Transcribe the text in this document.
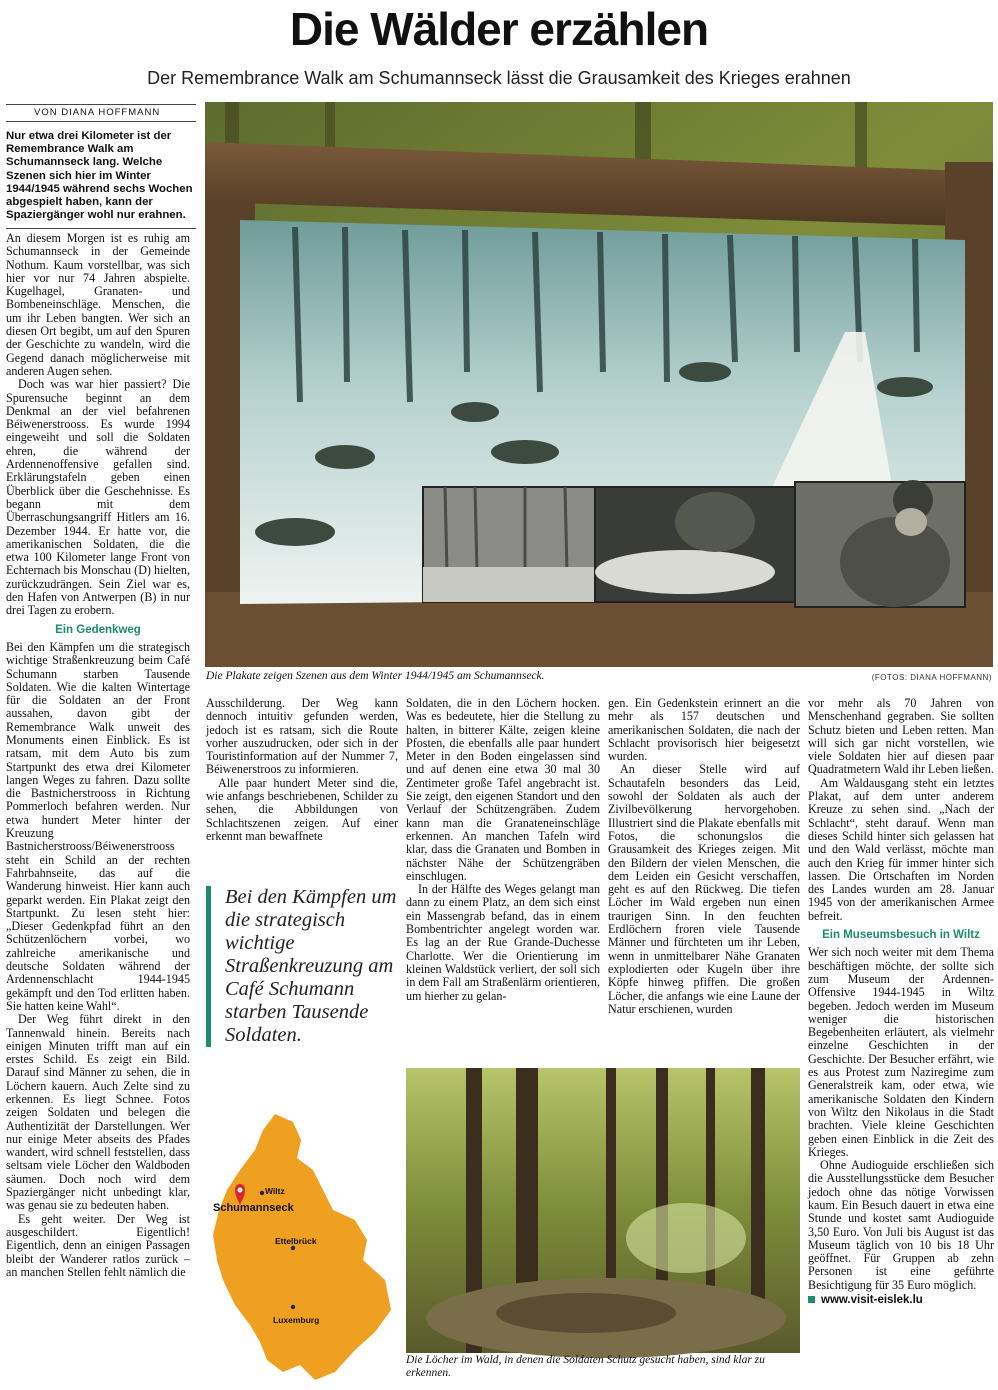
Die Wälder erzählen
Der Remembrance Walk am Schumannseck lässt die Grausamkeit des Krieges erahnen
VON DIANA HOFFMANN
Nur etwa drei Kilometer ist der Remembrance Walk am Schumannseck lang. Welche Szenen sich hier im Winter 1944/1945 während sechs Wochen abgespielt haben, kann der Spaziergänger wohl nur erahnen.

An diesem Morgen ist es ruhig am Schumannseck in der Gemeinde Nothum. Kaum vorstellbar, was sich hier vor nur 74 Jahren abspielte. Kugelhagel, Granaten- und Bombeneinschläge. Menschen, die um ihr Leben bangten. Wer sich an diesen Ort begibt, um auf den Spuren der Geschichte zu wandeln, wird die Gegend danach möglicherweise mit anderen Augen sehen.

Doch was war hier passiert? Die Spurensuche beginnt an dem Denkmal an der viel befahrenen Béiwenerstrooss. Es wurde 1994 eingeweiht und soll die Soldaten ehren, die während der Ardennenoffensive gefallen sind. Erklärungstafeln geben einen Überblick über die Geschehnisse. Es begann mit dem Überraschungsangriff Hitlers am 16. Dezember 1944. Er hatte vor, die amerikanischen Soldaten, die die etwa 100 Kilometer lange Front von Echternach bis Monschau (D) hielten, zurückzudrängen. Sein Ziel war es, den Hafen von Antwerpen (B) in nur drei Tagen zu erobern.

Ein Gedenkweg

Bei den Kämpfen um die strategisch wichtige Straßenkreuzung beim Café Schumann starben Tausende Soldaten. Wie die kalten Wintertage für die Soldaten an der Front aussahen, davon gibt der Remembrance Walk unweit des Monuments einen Einblick. Es ist ratsam, mit dem Auto bis zum Startpunkt des etwa drei Kilometer langen Weges zu fahren. Dazu sollte die Bastnicherstrooss in Richtung Pommerloch befahren werden. Nur etwa hundert Meter hinter der Kreuzung Bastnicherstrooss/Béiwenerstrooss steht ein Schild an der rechten Fahrbahnseite, das auf die Wanderung hinweist. Hier kann auch geparkt werden. Ein Plakat zeigt den Startpunkt. Zu lesen steht hier: „Dieser Gedenkpfad führt an den Schützenlöchern vorbei, wo zahlreiche amerikanische und deutsche Soldaten während der Ardennenschlacht 1944-1945 gekämpft und den Tod erlitten haben. Sie hatten keine Wahl“.

Der Weg führt direkt in den Tannenwald hinein. Bereits nach einigen Minuten trifft man auf ein erstes Schild. Es zeigt ein Bild. Darauf sind Männer zu sehen, die in Löchern kauern. Auch Zelte sind zu erkennen. Es liegt Schnee. Fotos zeigen Soldaten und belegen die Authentizität der Darstellungen. Wer nur einige Meter abseits des Pfades wandert, wird schnell feststellen, dass seltsam viele Löcher den Waldboden säumen. Doch noch wird dem Spaziergänger nicht unbedingt klar, was genau sie zu bedeuten haben.

Es geht weiter. Der Weg ist ausgeschildert. Eigentlich! Eigentlich, denn an einigen Passagen bleibt der Wanderer ratlos zurück – an manchen Stellen fehlt nämlich die

Die Plakate zeigen Szenen aus dem Winter 1944/1945 am Schumannseck.	(FOTOS: DIANA HOFFMANN)

Ausschilderung. Der Weg kann dennoch intuitiv gefunden werden, jedoch ist es ratsam, sich die Route vorher auszudrucken, oder sich in der Touristinformation auf der Nummer 7, Béiwenerstroos zu informieren.

Alle paar hundert Meter sind die, wie anfangs beschriebenen, Schilder zu sehen, die Abbildungen von Schlachtszenen zeigen. Auf einer erkennt man bewaffnete

Bei den Kämpfen um die strategisch wichtige Straßenkreuzung am Café Schumann starben Tausende Soldaten.
Wiltz
Schumannseck
Ettelbrück
Luxemburg

Soldaten, die in den Löchern hocken. Was es bedeutete, hier die Stellung zu halten, in bitterer Kälte, zeigen kleine Pfosten, die ebenfalls alle paar hundert Meter in den Boden eingelassen sind und auf denen eine etwa 30 mal 30 Zentimeter große Tafel angebracht ist. Sie zeigt, den eigenen Standort und den Verlauf der Schützengräben. Zudem kann man die Granateneinschläge erkennen. An manchen Tafeln wird klar, dass die Granaten und Bomben in nächster Nähe der Schützengräben einschlugen.

In der Hälfte des Weges gelangt man dann zu einem Platz, an dem sich einst ein Massengrab befand, das in einem Bombentrichter angelegt worden war. Es lag an der Rue Grande-Duchesse Charlotte. Wer die Orientierung im kleinen Waldstück verliert, der soll sich in dem Fall am Straßenlärm orientieren, um hierher zu gelan-

gen. Ein Gedenkstein erinnert an die mehr als 157 deutschen und amerikanischen Soldaten, die nach der Schlacht provisorisch hier beigesetzt wurden.

An dieser Stelle wird auf Schautafeln besonders das Leid, sowohl der Soldaten als auch der Zivilbevölkerung hervorgehoben. Illustriert sind die Plakate ebenfalls mit Fotos, die schonungslos die Grausamkeit des Krieges zeigen. Mit den Bildern der vielen Menschen, die dem Leiden ein Gesicht verschaffen, geht es auf den Rückweg. Die tiefen Löcher im Wald ergeben nun einen traurigen Sinn. In den feuchten Erdlöchern froren viele Tausende Männer und fürchteten um ihr Leben, wenn in unmittelbarer Nähe Granaten explodierten oder Kugeln über ihre Köpfe hinweg pfiffen. Die großen Löcher, die anfangs wie eine Laune der Natur erschienen, wurden

Die Löcher im Wald, in denen die Soldaten Schutz gesucht haben, sind klar zu erkennen.

vor mehr als 70 Jahren von Menschenhand gegraben. Sie sollten Schutz bieten und Leben retten. Man will sich gar nicht vorstellen, wie viele Soldaten hier auf diesen paar Quadratmetern Wald ihr Leben ließen.

Am Waldausgang steht ein letztes Plakat, auf dem unter anderem Kreuze zu sehen sind. „Nach der Schlacht“, steht darauf. Wenn man dieses Schild hinter sich gelassen hat und den Wald verlässt, möchte man auch den Krieg für immer hinter sich lassen. Die Ortschaften im Norden des Landes wurden am 28. Januar 1945 von der amerikanischen Armee befreit.

Ein Museumsbesuch in Wiltz

Wer sich noch weiter mit dem Thema beschäftigen möchte, der sollte sich zum Museum der Ardennen-Offensive 1944-1945 in Wiltz begeben. Jedoch werden im Museum weniger die historischen Begebenheiten erläutert, als vielmehr einzelne Geschichten in der Geschichte. Der Besucher erfährt, wie es aus Protest zum Naziregime zum Generalstreik kam, oder etwa, wie amerikanische Soldaten den Kindern von Wiltz den Nikolaus in die Stadt brachten. Viele kleine Geschichten geben einen Einblick in die Zeit des Krieges.

Ohne Audioguide erschließen sich die Ausstellungsstücke dem Besucher jedoch ohne das nötige Vorwissen kaum. Ein Besuch dauert in etwa eine Stunde und kostet samt Audioguide 3,50 Euro. Von Juli bis August ist das Museum täglich von 10 bis 18 Uhr geöffnet. Für Gruppen ab zehn Personen ist eine geführte Besichtigung für 35 Euro möglich.

www.visit-eislek.lu
